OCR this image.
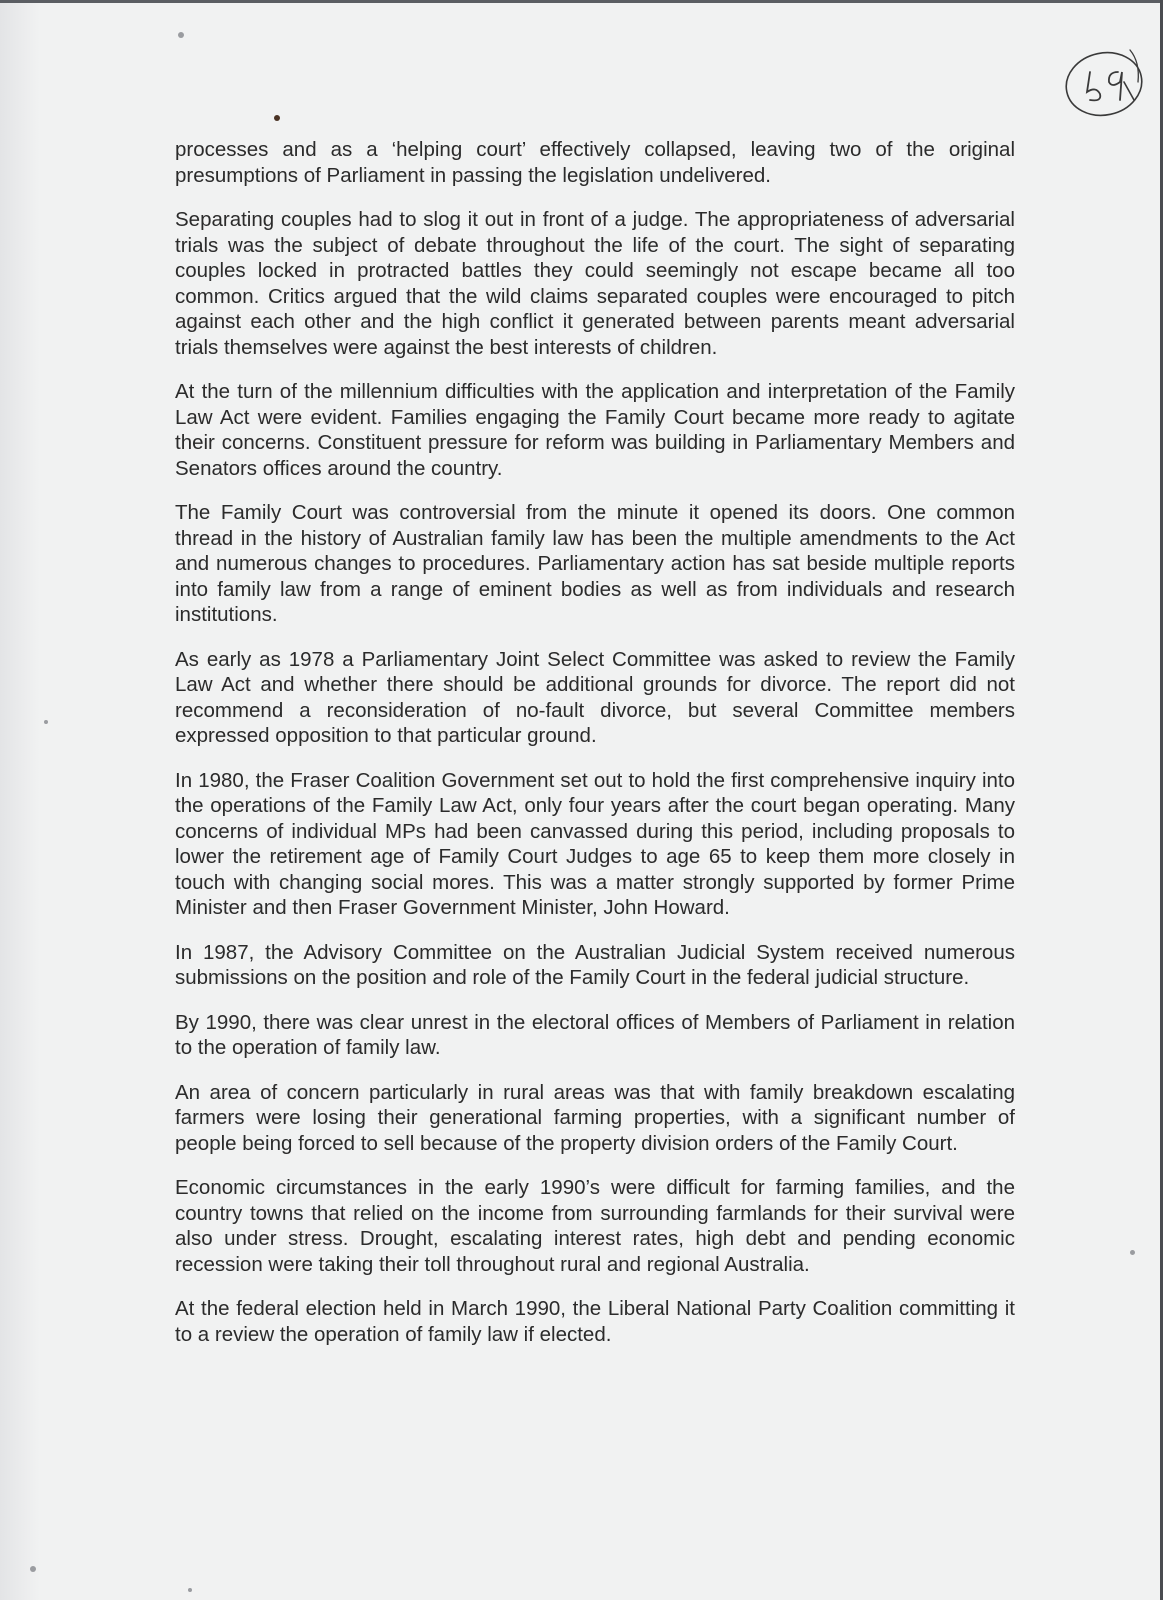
processes and as a ‘helping court’ effectively collapsed, leaving two of the original presumptions of Parliament in passing the legislation undelivered.

Separating couples had to slog it out in front of a judge. The appropriateness of adversarial trials was the subject of debate throughout the life of the court. The sight of separating couples locked in protracted battles they could seemingly not escape became all too common. Critics argued that the wild claims separated couples were encouraged to pitch against each other and the high conflict it generated between parents meant adversarial trials themselves were against the best interests of children.

At the turn of the millennium difficulties with the application and interpretation of the Family Law Act were evident. Families engaging the Family Court became more ready to agitate their concerns. Constituent pressure for reform was building in Parliamentary Members and Senators offices around the country.

The Family Court was controversial from the minute it opened its doors. One common thread in the history of Australian family law has been the multiple amendments to the Act and numerous changes to procedures. Parliamentary action has sat beside multiple reports into family law from a range of eminent bodies as well as from individuals and research institutions.

As early as 1978 a Parliamentary Joint Select Committee was asked to review the Family Law Act and whether there should be additional grounds for divorce. The report did not recommend a reconsideration of no-fault divorce, but several Committee members expressed opposition to that particular ground.

In 1980, the Fraser Coalition Government set out to hold the first comprehensive inquiry into the operations of the Family Law Act, only four years after the court began operating. Many concerns of individual MPs had been canvassed during this period, including proposals to lower the retirement age of Family Court Judges to age 65 to keep them more closely in touch with changing social mores. This was a matter strongly supported by former Prime Minister and then Fraser Government Minister, John Howard.

In 1987, the Advisory Committee on the Australian Judicial System received numerous submissions on the position and role of the Family Court in the federal judicial structure.

By 1990, there was clear unrest in the electoral offices of Members of Parliament in relation to the operation of family law.

An area of concern particularly in rural areas was that with family breakdown escalating farmers were losing their generational farming properties, with a significant number of people being forced to sell because of the property division orders of the Family Court.

Economic circumstances in the early 1990’s were difficult for farming families, and the country towns that relied on the income from surrounding farmlands for their survival were also under stress. Drought, escalating interest rates, high debt and pending economic recession were taking their toll throughout rural and regional Australia.

At the federal election held in March 1990, the Liberal National Party Coalition committing it to a review the operation of family law if elected.
